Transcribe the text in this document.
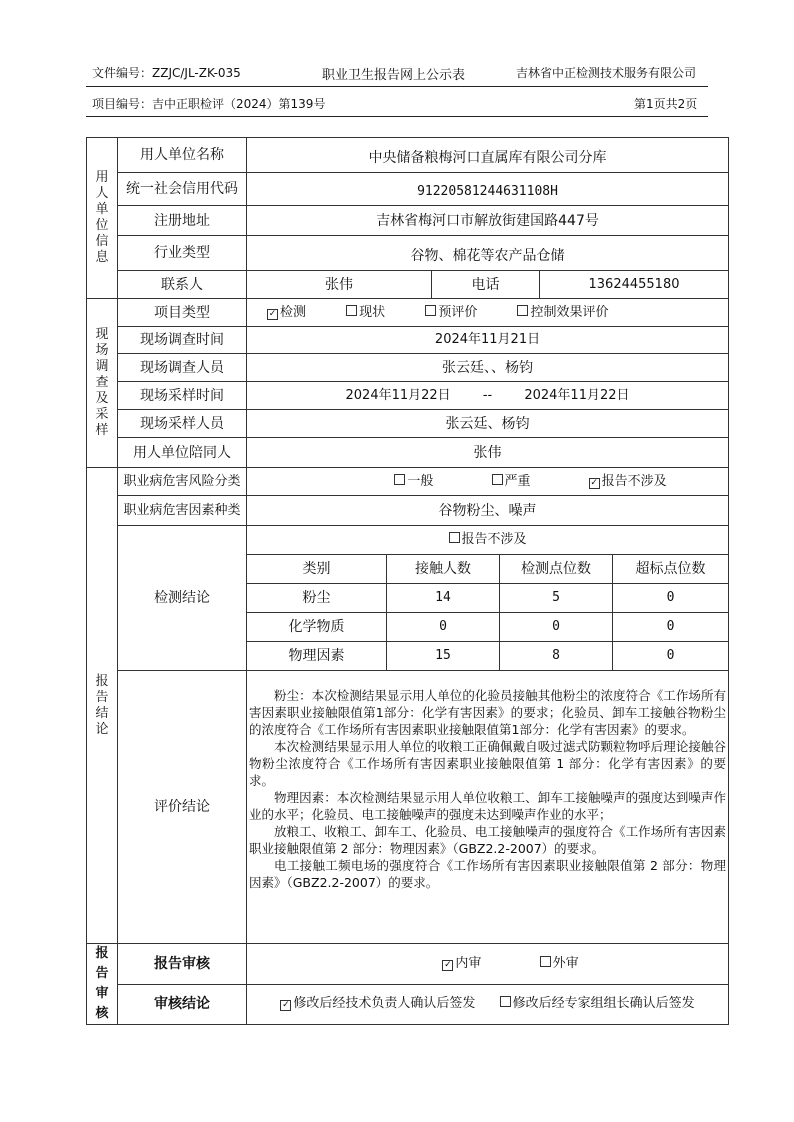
文件编号：ZZJC/JL-ZK-035	职业卫生报告网上公示表	吉林省中正检测技术服务有限公司
项目编号：吉中正职检评（2024）第139号	第1页共2页
用
人
单
位
信
息
	用人单位名称	中央储备粮梅河口直属库有限公司分库
统一社会信用代码	91220581244631108H
注册地址	吉林省梅河口市解放街建国路447号
行业类型	谷物、棉花等农产品仓储
联系人	张伟	电话	13624455180

现
场
调
查
及
采
样
	项目类型	✓ 检测	现状	预评价	控制效果评价
现场调查时间	2024年11月21日
现场调查人员	张云廷、、杨钧
现场采样时间	2024年11月22日 -- 2024年11月22日
现场采样人员	张云廷、杨钧
用人单位陪同人	张伟

报
告
结
论
	职业病危害风险分类	一般	严重	✓ 报告不涉及
职业病危害因素种类	谷物粉尘、噪声
检测结论	报告不涉及

类别	接触人数	检测点位数	超标点位数
粉尘	14	5	0
化学物质	0	0	0
物理因素	15	8	0

评价结论	

粉尘：本次检测结果显示用人单位的化验员接触其他粉尘的浓度符合《工作场所有害因素职业接触限值第1部分：化学有害因素》的要求；化验员、卸车工接触谷物粉尘的浓度符合《工作场所有害因素职业接触限值第1部分：化学有害因素》的要求。

本次检测结果显示用人单位的收粮工正确佩戴自吸过滤式防颗粒物呼后理论接触谷物粉尘浓度符合《工作场所有害因素职业接触限值第 1 部分：化学有害因素》的要求。

物理因素：本次检测结果显示用人单位收粮工、卸车工接触噪声的强度达到噪声作业的水平；化验员、电工接触噪声的强度未达到噪声作业的水平；

放粮工、收粮工、卸车工、化验员、电工接触噪声的强度符合《工作场所有害因素职业接触限值第 2 部分：物理因素》（GBZ2.2-2007）的要求。

电工接触工频电场的强度符合《工作场所有害因素职业接触限值第 2 部分：物理因素》（GBZ2.2-2007）的要求。

报
告
审
核
	报告审核	✓ 内审	外审
审核结论	✓ 修改后经技术负责人确认后签发	修改后经专家组组长确认后签发
